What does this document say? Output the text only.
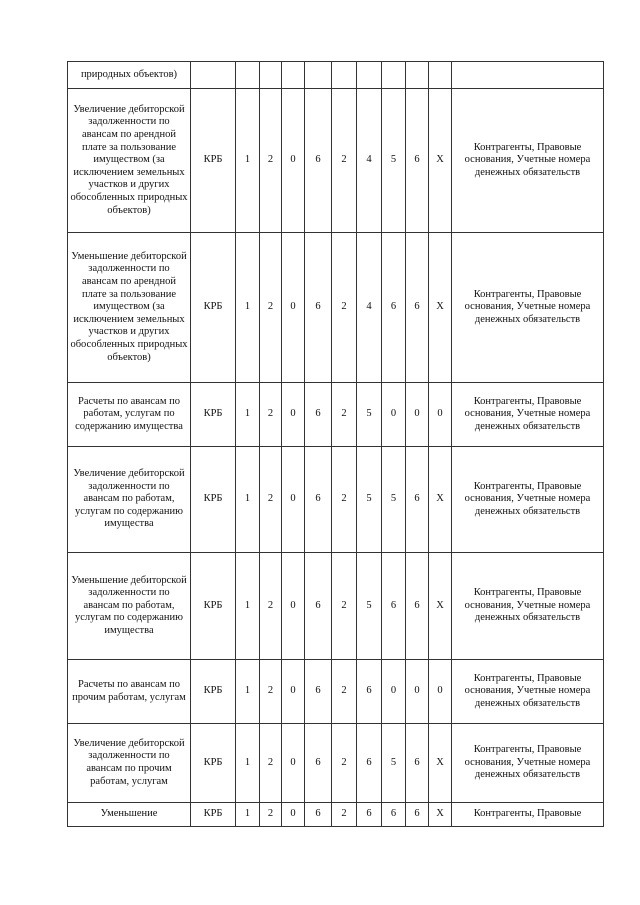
природных объектов)											
Увеличение дебиторской задолженности по авансам по арендной плате за пользование имуществом (за исключением земельных участков и других обособленных природных объектов)	КРБ	1	2	0	6	2	4	5	6	X	Контрагенты, Правовые основания, Учетные номера денежных обязательств
Уменьшение дебиторской задолженности по авансам по арендной плате за пользование имуществом (за исключением земельных участков и других обособленных природных объектов)	КРБ	1	2	0	6	2	4	6	6	X	Контрагенты, Правовые основания, Учетные номера денежных обязательств
Расчеты по авансам по работам, услугам по содержанию имущества	КРБ	1	2	0	6	2	5	0	0	0	Контрагенты, Правовые основания, Учетные номера денежных обязательств
Увеличение дебиторской задолженности по авансам по работам, услугам по содержанию имущества	КРБ	1	2	0	6	2	5	5	6	X	Контрагенты, Правовые основания, Учетные номера денежных обязательств
Уменьшение дебиторской задолженности по авансам по работам, услугам по содержанию имущества	КРБ	1	2	0	6	2	5	6	6	X	Контрагенты, Правовые основания, Учетные номера денежных обязательств
Расчеты по авансам по прочим работам, услугам	КРБ	1	2	0	6	2	6	0	0	0	Контрагенты, Правовые основания, Учетные номера денежных обязательств
Увеличение дебиторской задолженности по авансам по прочим работам, услугам	КРБ	1	2	0	6	2	6	5	6	X	Контрагенты, Правовые основания, Учетные номера денежных обязательств
Уменьшение	КРБ	1	2	0	6	2	6	6	6	X	Контрагенты, Правовые
